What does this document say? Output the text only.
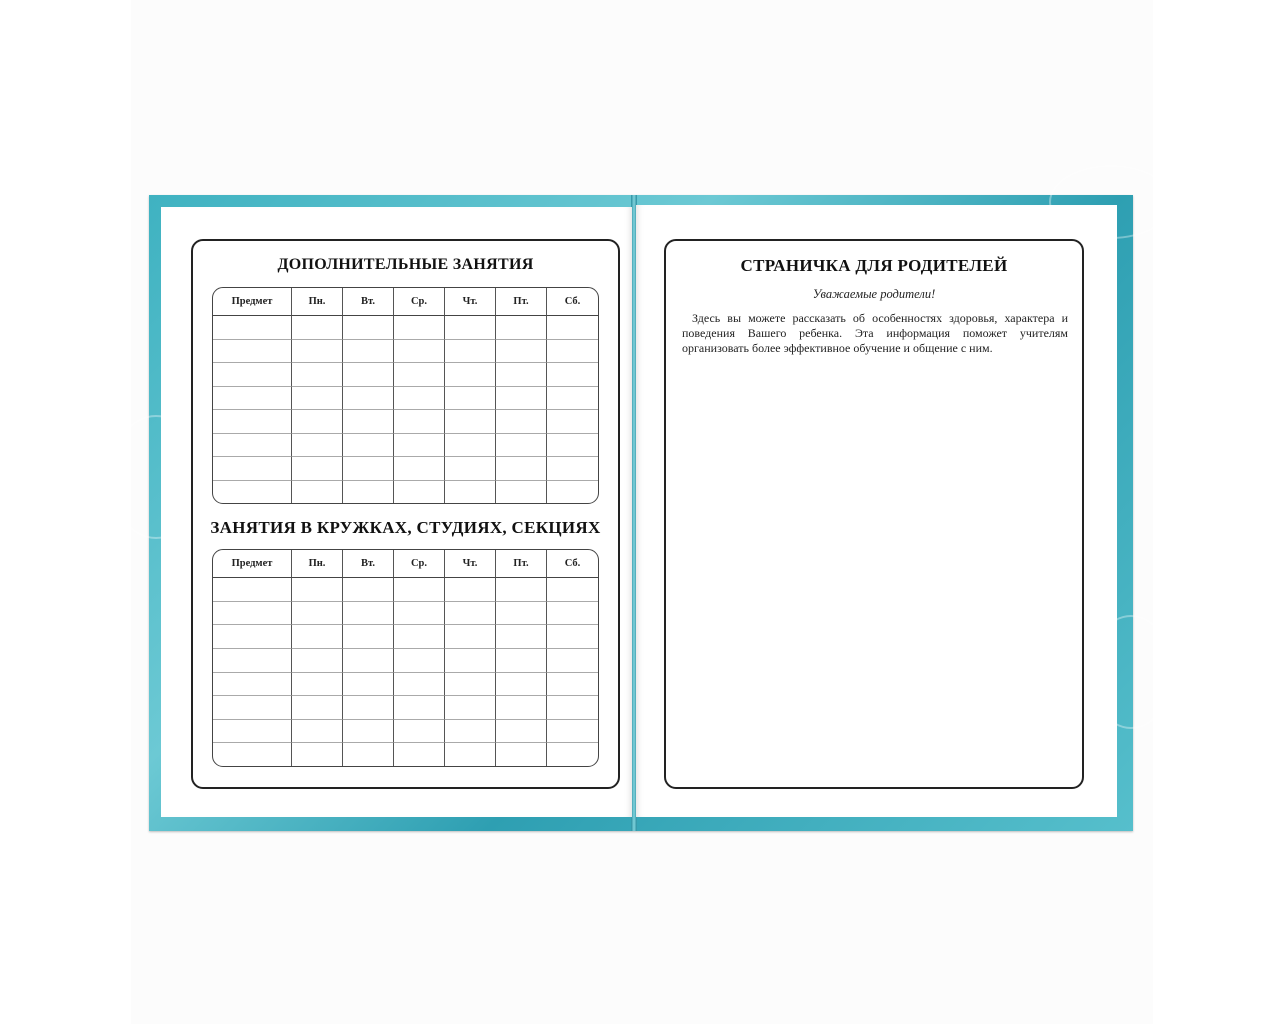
ДОПОЛНИТЕЛЬНЫЕ ЗАНЯТИЯ
Предмет	Пн.	Вт.	Ср.	Чт.	Пт.	Сб.

ЗАНЯТИЯ В КРУЖКАХ, СТУДИЯХ, СЕКЦИЯХ
Предмет	Пн.	Вт.	Ср.	Чт.	Пт.	Сб.

СТРАНИЧКА ДЛЯ РОДИТЕЛЕЙ
Уважаемые родители!
Здесь вы можете рассказать об особенностях здоровья, характера и поведения Вашего ребенка. Эта информация поможет учителям организовать более эффективное обучение и общение с ним.
